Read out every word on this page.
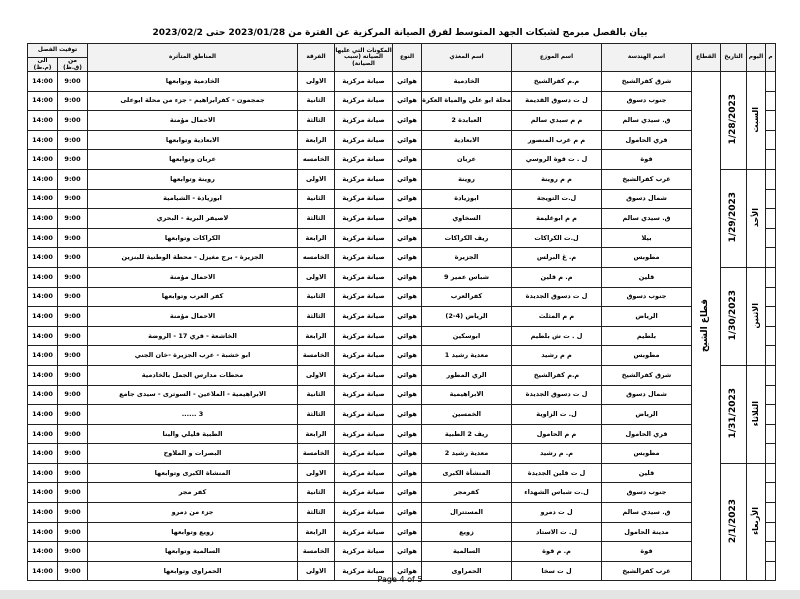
بيان بالفصل مبرمج لشبكات الجهد المتوسط لفرق الصيانة المركزية عن الفترة من 2023/01/28 حتى 2023/02/2
م	اليوم	التاريخ	القطاع	اسم الهندسة	اسم الموزع	اسم المغذي	النوع	المكونات التي عليها الصيانه (سبب الصيانة)	الفرقة	المناطق المتأثرة	توقيت الفصل	
											من (ق.ظ)	الى (م.ظ)
	السبت	1/28/2023	قطاع الشيخ	شرق كفرالشيخ	م.م كفرالشيخ	الخادمية	هوائي	صيانة مركزية	الاولى	الخادمية وتوابعها	9:00	14:00
				جنوب دسوق	ل ت دسوق القديمة	محلة ابو علي والمياة العكرة	هوائي	صيانة مركزية	الثانية	جمجمون - كفرابراهيم - جزء من محلة ابوعلى	9:00	14:00
				ق. سيدي سالم	م م سيدي سالم	العبابدة 2	هوائي	صيانة مركزية	الثالثة	الاحمال مؤمنة	9:00	14:00
				قري الحامول	م م غرب المنصور	الابعادية	هوائي	صيانة مركزية	الرابعة	الابعادية وتوابعها	9:00	14:00
				قوة	ل . ت قوة الروسي	عربان	هوائي	صيانة مركزية	الخامسه	عربان وتوابعها	9:00	14:00
	الأحد	1/29/2023		غرب كفرالشيخ	م م روينة	روينة	هوائي	صيانة مركزية	الاولى	روينة وتوابعها	9:00	14:00
				شمال دسوق	ل.ت التويجة	ابوزيادة	هوائي	صيانة مركزية	الثانية	ابوزيادة - الشيامية	9:00	14:00
				ق. سيدي سالم	م م ابوغليمة	السخاوي	هوائي	صيانة مركزية	الثالثة	لاصيفر البرية - البحري	9:00	14:00
				بيلا	ل.ت الكراكات	ريف الكراكات	هوائي	صيانة مركزية	الرابعة	الكراكات وتوابعها	9:00	14:00
				مطوبس	م. غ البرلس	الجزيرة	هوائي	صيانة مركزية	الخامسه	الجزيرة - برج مغيزل - محطة الوطنية للبنزين	9:00	14:00
	الاثنين	1/30/2023		قلين	م. م قلين	شباس عمير 9	هوائي	صيانة مركزية	الاولى	الاحمال مؤمنة	9:00	14:00
				جنوب دسوق	ل ت دسوق الجديدة	كفرالعرب	هوائي	صيانة مركزية	الثانية	كفر العرب وتوابعها	9:00	14:00
				الرياض	م م المثلث	الرياض (4-2)	هوائي	صيانة مركزية	الثالثة	الاحمال مؤمنة	9:00	14:00
				بلطيم	ل . ت ش بلطيم	ابوسكين	هوائي	صيانة مركزية	الرابعة	الخاشعة - قري 17 - الروضة	9:00	14:00
				مطوبس	م م رشيد	معدية رشيد 1	هوائي	صيانة مركزية	الخامسة	ابو خشبة - عرب الجزيرة -خان الجني	9:00	14:00
	الثلاثاء	1/31/2023		شرق كفرالشيخ	م.م كفرالشيخ	الري المطور	هوائي	صيانة مركزية	الاولى	محطات مدارس الجمل بالخادمية	9:00	14:00
				شمال دسوق	ل ت دسوق الجديدة	الابراهيمية	هوائي	صيانة مركزية	الثانية	الابراهيمية - الملاعين - السوترى - سيدى جامع	9:00	14:00
				الرياض	ل. ت الزاوية	الخمسين	هوائي	صيانة مركزية	الثالثة	3 ......	9:00	14:00
				قري الحامول	م م الحامول	ريف 2 الطبية	هوائي	صيانة مركزية	الرابعة	الطبية قليلي والبنا	9:00	14:00
				مطوبس	م. م رشيد	معدية رشيد 2	هوائي	صيانة مركزية	الخامسة	البصرات و الملاوح	9:00	14:00
	الأربعاء	2/1/2023		قلين	ل ت قلين الجديدة	المنشأة الكبرى	هوائي	صيانة مركزية	الاولى	المنشاة الكبرى وتوابعها	9:00	14:00
				جنوب دسوق	ل.ت شباس الشهداء	كفرمجر	هوائي	صيانة مركزية	الثانية	كفر مجر	9:00	14:00
				ق. سيدي سالم	ل ت دمرو	المستترال	هوائي	صيانة مركزية	الثالثة	جزء من دمرو	9:00	14:00
				مدينة الحامول	ل. ت الاستاد	زويع	هوائي	صيانة مركزية	الرابعة	زويع وتوابعها	9:00	14:00
				قوة	م. م قوة	السالمية	هوائي	صيانة مركزية	الخامسة	السالمية وتوابعها	9:00	14:00
				غرب كفرالشيخ	ل ت سخا	الحمراوى	هوائي	صيانة مركزية	الاولى	الحمراوى وتوابعها	9:00	14:00
Page 4 of 5
